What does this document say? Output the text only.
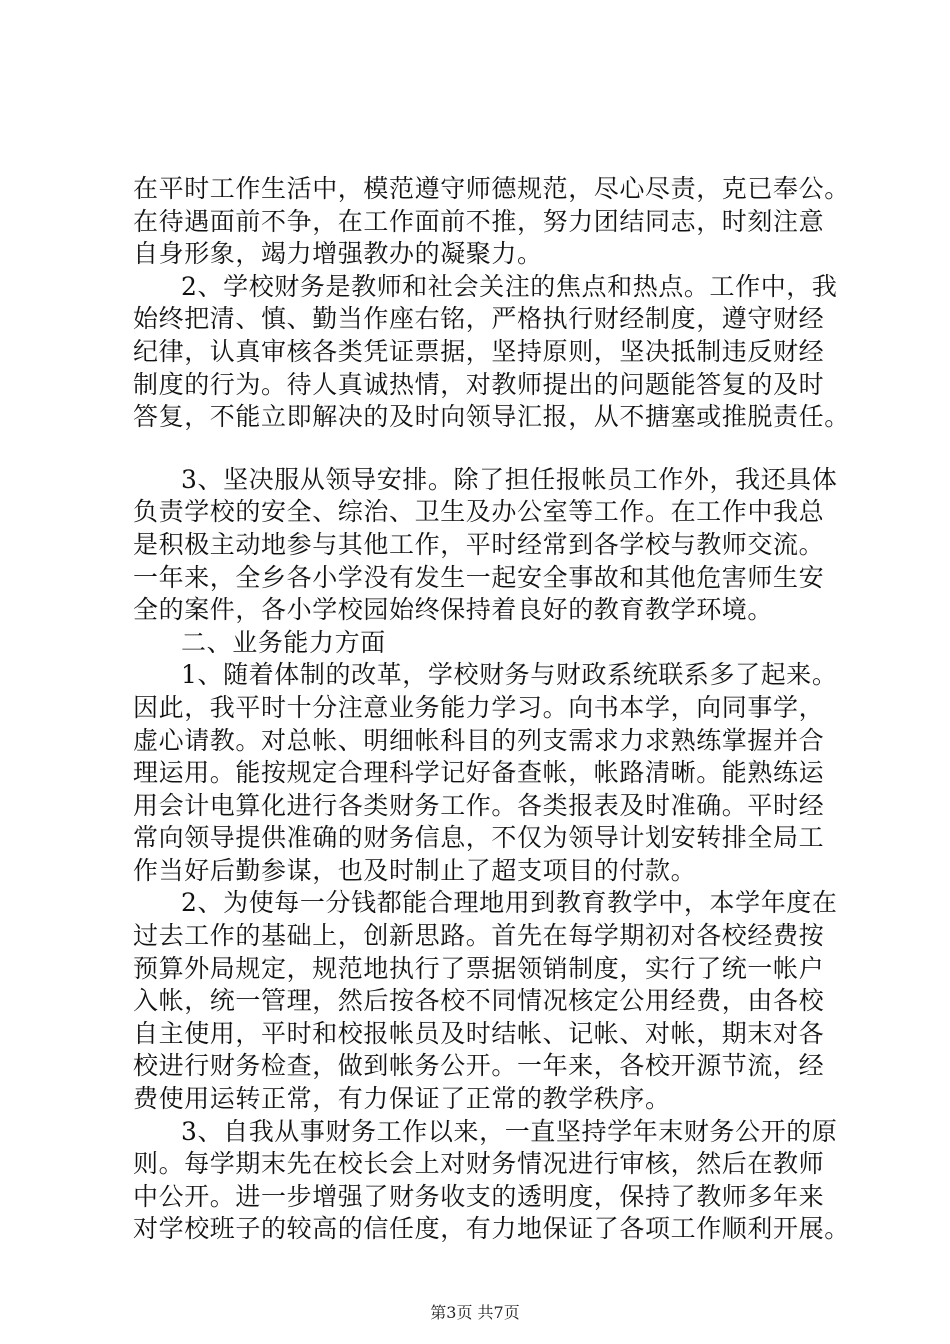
在平时工作生活中，模范遵守师德规范，尽心尽责，克已奉公。
在待遇面前不争，在工作面前不推，努力团结同志，时刻注意
自身形象，竭力增强教办的凝聚力。
2、学校财务是教师和社会关注的焦点和热点。工作中，我
始终把清、慎、勤当作座右铭，严格执行财经制度，遵守财经
纪律，认真审核各类凭证票据，坚持原则，坚决抵制违反财经
制度的行为。待人真诚热情，对教师提出的问题能答复的及时
答复，不能立即解决的及时向领导汇报，从不搪塞或推脱责任。
3、坚决服从领导安排。除了担任报帐员工作外，我还具体
负责学校的安全、综治、卫生及办公室等工作。在工作中我总
是积极主动地参与其他工作，平时经常到各学校与教师交流。
一年来，全乡各小学没有发生一起安全事故和其他危害师生安
全的案件，各小学校园始终保持着良好的教育教学环境。
二、业务能力方面
1、随着体制的改革，学校财务与财政系统联系多了起来。
因此，我平时十分注意业务能力学习。向书本学，向同事学，
虚心请教。对总帐、明细帐科目的列支需求力求熟练掌握并合
理运用。能按规定合理科学记好备查帐，帐路清晰。能熟练运
用会计电算化进行各类财务工作。各类报表及时准确。平时经
常向领导提供准确的财务信息，不仅为领导计划安转排全局工
作当好后勤参谋，也及时制止了超支项目的付款。
2、为使每一分钱都能合理地用到教育教学中，本学年度在
过去工作的基础上，创新思路。首先在每学期初对各校经费按
预算外局规定，规范地执行了票据领销制度，实行了统一帐户
入帐，统一管理，然后按各校不同情况核定公用经费，由各校
自主使用，平时和校报帐员及时结帐、记帐、对帐，期末对各
校进行财务检查，做到帐务公开。一年来，各校开源节流，经
费使用运转正常，有力保证了正常的教学秩序。
3、自我从事财务工作以来，一直坚持学年末财务公开的原
则。每学期末先在校长会上对财务情况进行审核，然后在教师
中公开。进一步增强了财务收支的透明度，保持了教师多年来
对学校班子的较高的信任度，有力地保证了各项工作顺利开展。
第3页 共7页
